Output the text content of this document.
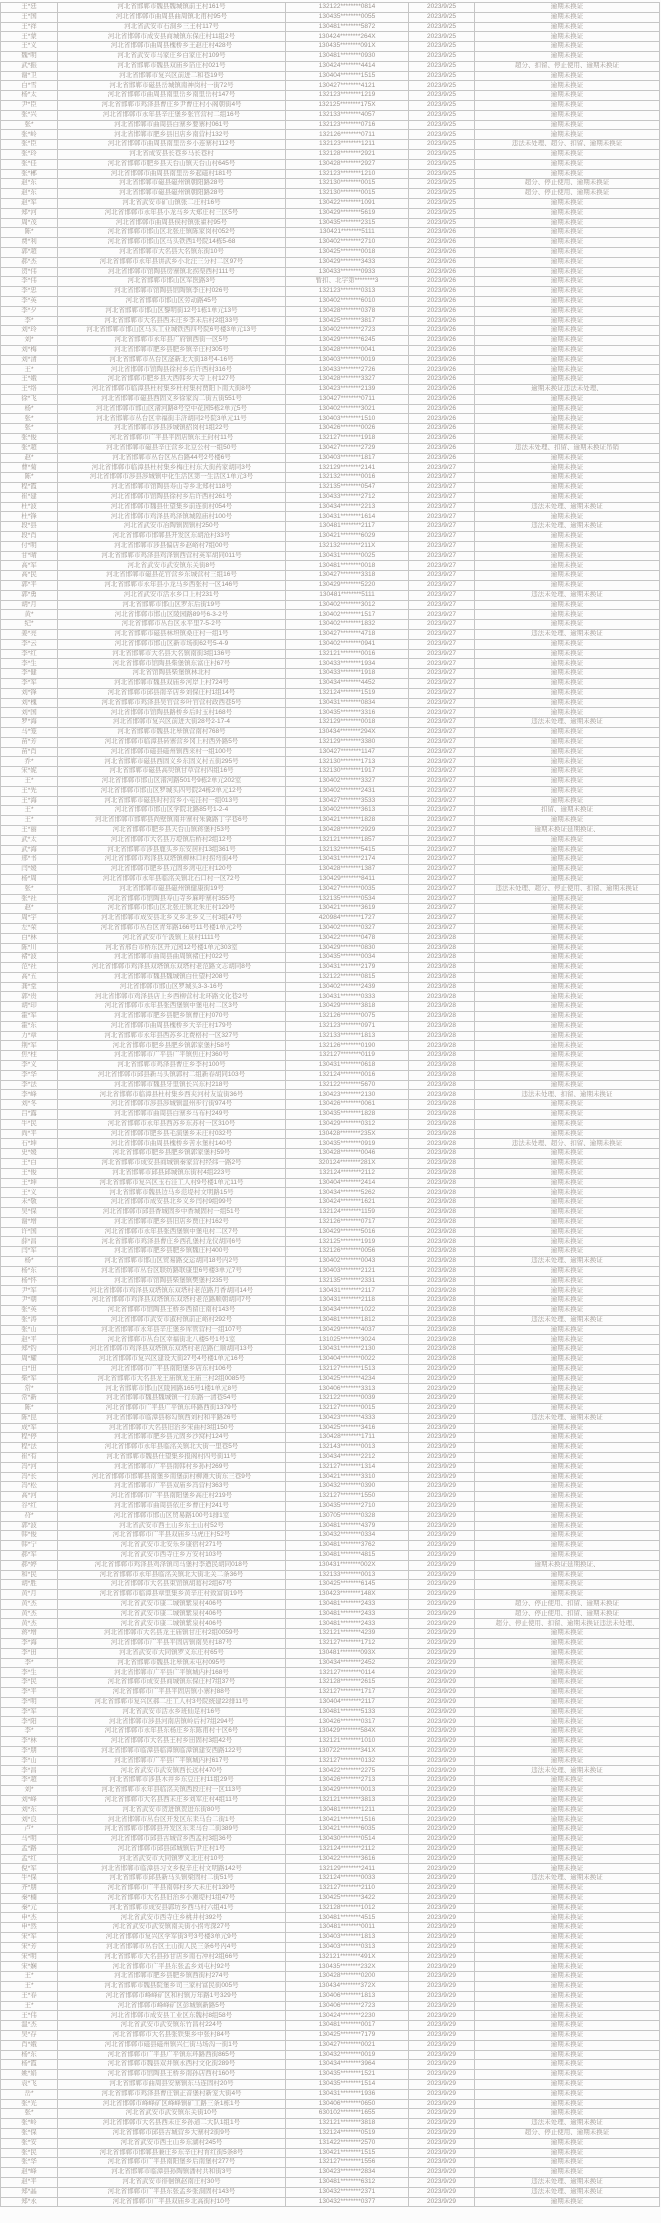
王*廷	河北省邯郸市魏县魏城镇前王村161号	132122********0814	2023/9/25	逾期未换证
王*国	河北省邯郸市曲周县曲周镇北甫村95号	130435********0055	2023/9/25	逾期未换证
王*祥	河北省武安市石洞乡三王村117号	130481********5872	2023/9/25	逾期未换证
王*蒙	河北省邯郸市成安县商城镇东保庄村11组2号	130424********264X	2023/9/25	逾期未换证
王*义	河北省邯郸市曲周县槐桥乡王赵庄村428号	130435********091X	2023/9/25	逾期未换证
魏*明	河北省武安市马家庄乡白家庄村109号	130481********0930	2023/9/25	逾期未换证
武*振	河北省邯郸市魏县双庙乡箔庄村021号	130424********4414	2023/9/25	超分、扣留、停止使用、逾期未换证
谢*卫	河北省邯郸市复兴区前进二和巷19号	130404********1515	2023/9/25	逾期未换证
白*雪	河北省邯郸市磁县岳城镇南神岗村一街72号	130427********4121	2023/9/25	逾期未换证
杨*太	河北省邯郸市曲周县南里岳乡南里岳村147号	132123********1219	2023/9/25	逾期未换证
尹*臣	河北省邯郸市鸡泽县曹庄乡尹曹庄村小阁朝街4号	132125********175X	2023/9/25	逾期未换证
张*兴	河北省邯郸市永年县辛庄堡乡张官营村二组16号	132133********4057	2023/9/25	逾期未换证
张*	河北省邯郸市曲周县白寨乡要寨村061号	132123********0716	2023/9/25	逾期未换证
张*岭	河北省邯郸市肥乡县旧店乡南营村132号	132126********0711	2023/9/25	逾期未换证
张*臣	河北省邯郸市曲周县南里岳乡小连寨村112号	132123********1211	2023/9/25	违法未处理、超分、扣留、逾期未换证
张*玲	河北省成安县长巷乡马长巷村	132128********2921	2023/9/25	逾期未换证
张*佳	河北省邯郸市肥乡县天台山镇天台山村645号	130428********2927	2023/9/25	逾期未换证
张*郴	河北省邯郸市曲周县南里岳乡起磁村181号	132123********1210	2023/9/25	逾期未换证
赵*东	河北省邯郸市磁县磁州镇朝阳路28号	132130********0015	2023/9/25	超分、停止使用、逾期未换证
赵*东	河北省邯郸市磁县磁州镇朝阳路28号	132130********0015	2023/9/25	超分、停止使用、逾期未换证
赵*军	河北省武安市矿山镇张二庄村16号	130422********1091	2023/9/25	逾期未换证
郑*河	河北省邯郸市永年县小龙马乡大郑庄村三区5号	130429********5619	2023/9/25	逾期未换证
周*茂	河北省邯郸市曲周县侯村镇张翟村95号	130435********2315	2023/9/25	逾期未换证
陈*	河北省邯郸市邯山区北张庄镇陈家岗村052号	130421********5111	2023/9/26	逾期未换证
费*利	河北省邯郸市邯山区马头铁西1号院14栋5-68	130402********2710	2023/9/26	逾期未换证
郭*超	河北省邯郸市大名县大名镇东街10号	130425********0018	2023/9/26	逾期未换证
郝*杰	河北省邯郸市永年县讲武乡小北汪三分村二区97号	130429********3433	2023/9/26	逾期未换证
贺*伟	河北省邯郸市馆陶县房寨镇北拐渠西村111号	130433********0933	2023/9/26	逾期未换证
李*伟	河北省邯郸市邯山区军医路3号	暂扣、北字第********3	2023/9/26	逾期未换证
李*忠	河北省邯郸市馆陶县馆陶镇李庄村026号	132123********0313	2023/9/26	逾期未换证
李*英	河北省邯郸市邯山区劳动路45号	130402********6010	2023/9/26	逾期未换证
李*夕	河北省邯郸市邯山区黎明街12号1栋1单元13号	130428********0378	2023/9/26	逾期未换证
李*	河北省邯郸市大名县西未庄乡李未后村2组33号	130425********3817	2023/9/26	逾期未换证
刘*玲	河北省邯郸市邯山区马头工业城铁西四号院6号楼3单元13号	130402********2723	2023/9/26	逾期未换证
刘*	河北省邯郸市永年县广府镇西街一区5号	130429********6245	2023/9/26	逾期未换证
刘*梅	河北省邯郸市肥乡县肥乡镇辛庄村305号	130428********0041	2023/9/26	逾期未换证
刘*清	河北省邯郸市丛台区滏新北大街18号4-16号	130403********0019	2023/9/26	逾期未换证
王*	河北省邯郸市馆陶县徐村乡后许西村316号	130433********2726	2023/9/26	逾期未换证
王*娥	河北省邯郸市肥乡县大西韩乡大寺上村127号	130428********3327	2023/9/26	逾期未换证
王*络	河北省邯郸市临漳县杜村集乡杜村集村贾阳卜南大街8号	130423********2139	2023/9/26	逾期未换证违法未处理、
徐*飞	河北省邯郸市磁县西固义乡徐家沟二街五街551号	130427********0711	2023/9/26	逾期未换证
杨*	河北省邯郸市邯山区渚河路8号空中花园5栋2单元5号	130402********3021	2023/9/26	逾期未换证
张*	河北省邯郸市丛台区幸福街丰济胡同2号院3单元11号	130403********1510	2023/9/26	逾期未换证
张*	河北省邯郸市涉县涉城镇招岗村1组22号	130426********0026	2023/9/26	逾期未换证
张*俊	河北省邯郸市广平县平固店镇东王封村11号	132127********1918	2023/9/26	逾期未换证
张*超	河北省邯郸市磁县辛庄营乡北豆公村一组50号	130427********2729	2023/9/26	违法未处理、扣留、逾期未换证吊销
赵*	河北省邯郸市丛台区丛台路44号2号楼6号	130403********1817	2023/9/26	逾期未换证
曹*菊	河北省邯郸市临漳县杜村集乡梅庄村东大街药家胡同3号	132129********2141	2023/9/27	逾期未换证
陈*	河北省邯郸市涉县涉城镇中化生活区第一生活区1单元3号	132132********0016	2023/9/27	逾期未换证
程*霞	河北省邯郸市馆陶县寿山寺乡北郑村118号	132135********0547	2023/9/27	逾期未换证
崔*建	河北省邯郸市馆陶县徐村乡后许西村261号	130433********2712	2023/9/27	逾期未换证
杜*波	河北省邯郸市魏县仕望集乡前连街村054号	130434********2213	2023/9/27	违法未处理、逾期未换证
杜*锋	河北省邯郸市鸡泽县鸡泽镇城隍庙村100号	130431********1614	2023/9/27	逾期未换证
段*县	河北省武安市冶陶镇固镇村250号	130481********2117	2023/9/27	违法未处理、逾期未换证
段*肖	河北省邯郸市邯郸县开发区东胡沧村33号	130421********6029	2023/9/27	逾期未换证
付*明	河北省邯郸市涉县偏店乡赵峪村7组00号	132132********211X	2023/9/27	逾期未换证
甘*晴	河北省邯郸市鸡泽县鸡泽镇西营村英军胡同011号	130431********0025	2023/9/27	逾期未换证
高*军	河北省武安市武安镇东关街8号	130481********0018	2023/9/27	逾期未换证
高*民	河北省邯郸市磁县花官营乡东城营村三组16号	130427********3318	2023/9/27	逾期未换证
郭*平	河北省邯郸市永年县小龙马乡西张村一区146号	130429********5220	2023/9/27	逾期未换证
郭*勇	河北省武安市活水乡口上村231号	130481********5111	2023/9/27	违法未处理、逾期未换证
胡*月	河北省邯郸市邯山区罗东后街19号	130402********3012	2023/9/27	逾期未换证
黄*	河北省邯郸市邯山区陵园路89号6-3-2号	130402********1517	2023/9/27	逾期未换证
纪*	河北省邯郸市丛台区永平里7-5-2号	130402********1832	2023/9/27	逾期未换证
姜*亮	河北省邯郸市磁县林坦镇桑庄村一组1号	130427********4718	2023/9/27	违法未处理、逾期未换证
李*云	河北省邯郸市邯山区新市场街62号5-4-9	130402********0941	2023/9/27	逾期未换证
李*红	河北省邯郸市大名县大名镇南街3组136号	132121********0016	2023/9/27	逾期未换证
李*生	河北省邯郸市馆陶县柴堡镇东富庄村67号	130433********1934	2023/9/27	逾期未换证
李*健	河北省馆陶县柴堡镇林北村	130433********1918	2023/9/27	逾期未换证
李*军	河北省邯郸市魏县双庙乡河岸上村724号	130434********4452	2023/9/27	逾期未换证
刘*锋	河北省邯郸市邱县南辛店乡刘保庄村1组14号	132124********1519	2023/9/27	逾期未换证
刘*槐	河北省邯郸市鸡泽县吴官营乡叶官营村政西巷5号	130431********0834	2023/9/27	逾期未换证
刘*国	河北省邯郸市馆陶县路桥乡后时玉村168号	130435********3316	2023/9/27	逾期未换证
罗*海	河北省邯郸市复兴区前进大街28号2-17-4	132129********0018	2023/9/27	违法未处理、逾期未换证
马*笼	河北省邯郸市魏县北皋镇营南村768号	130434********294X	2023/9/27	逾期未换证
苗*芳	河北省邯郸市临漳县砖寨营乡冈上村西外路5号	132129********3380	2023/9/27	逾期未换证
苗*肖	河北省邯郸市磁县磁州镇西来村一组100号	130427********1147	2023/9/27	逾期未换证
乔*	河北省邯郸市磁县西固义乡东固义村五街295号	132130********1713	2023/9/27	逾期未换证
宋*妮	河北省邯郸市磁县高臾镇甘草营村四组16号	132130********1917	2023/9/27	逾期未换证
王*	河北省邯郸市邯山区渚河路501号9栋2单元202室	130402********3327	2023/9/27	逾期未换证
王*先	河北省邯郸市邯山区罗城头四号院24栋2单元12号	130402********2431	2023/9/27	逾期未换证
王*海	河北省邯郸市磁县时村营乡小屯洼村一组013号	130427********3533	2023/9/27	逾期未换证
王*	河北省邯郸市邯山区学院北路85号1-2-4	130402********3613	2023/9/27	扣留、逾期未换证
王*	河北省邯郸市邯郸县尚壁镇南井寨村朱冀路丁字巷6号	130421********1828	2023/9/27	逾期未换证
王*丽	河北省邯郸市肥乡县天台山镇蒋堡村53号	130428********2929	2023/9/27	逾期未换证延期换证、
武*太	河北省邯郸市大名县万堤镇后桥村2组12号	132121********1857	2023/9/27	逾期未换证
武*海	河北省邯郸市涉县鹿头乡东安居村13组361号	132132********5415	2023/9/27	逾期未换证
邢*书	河北省邯郸市鸡泽县双塔镇柳林口村拐弯街4号	130431********2174	2023/9/27	逾期未换证
闫*媛	河北省邯郸市肥乡县元固乡湾屯庄村120号	130428********1387	2023/9/27	逾期未换证
杨*周	河北省邯郸市永年县临洺关镇北石口村一区72号	130429********8411	2023/9/27	逾期未换证
张*	河北省邯郸市磁县磁州镇健康街19号	130427********0035	2023/9/27	违法未处理、超分、停止使用、扣留、逾期未换证
张*社	河北省邯郸市馆陶县寿山寺乡麻呼寨村355号	132135********0534	2023/9/27	逾期未换证
赵*	河北省邯郸市邯山区北张庄镇北朱庄村129号	130421********3619	2023/9/27	逾期未换证
周*宇	河北省邯郸市成安县北乡义乡北乡义三村3组47号	420984********1727	2023/9/27	逾期未换证
左*荣	河北省邯郸市丛台区青年路166号11号楼1单元2号	130402********0327	2023/9/27	逾期未换证
白*林	河北省武安市午汲镇上泉村1111号	130422********0478	2023/9/28	逾期未换证
陈*川	河北省邢台市桥东区开元园12号楼1单元303室	130429********0830	2023/9/28	逾期未换证
褚*波	河北省邯郸市曲周县曲周镇褚庄村022号	130435********0034	2023/9/28	逾期未换证
范*社	河北省邯郸市鸡泽县双塔镇东双塔村老范路文志胡同8号	130431********2179	2023/9/28	逾期未换证
高*五	河北省邯郸市魏县魏城镇白仕望村208号	132122********0815	2023/9/28	逾期未换证
龚*堂	河北省邯郸市邯山区罗城头3-3-16号	130402********2439	2023/9/28	逾期未换证
郭*贵	河北省邯郸市鸡泽县店上乡西柳营村北环路文化巷2号	130431********0333	2023/9/28	逾期未换证
胡*印	河北省邯郸市永年县张西堡镇中堡电村二区3号	130429********3818	2023/9/28	逾期未换证
霍*军	河北省邯郸市肥乡县肥乡镇曹庄村070号	132126********0075	2023/9/28	逾期未换证
霍*东	河北省邯郸市曲周县槐桥乡大辛庄村179号	132123********0971	2023/9/28	逾期未换证
力*章	河北省邯郸市永年县西苏乡北费格村一区327号	132133********1813	2023/9/28	逾期未换证
荆*军	河北省邯郸市肥乡县肥乡镇郭家堡村58号	132126********0190	2023/9/28	逾期未换证
焦*柱	河北省邯郸市广平县广平镇焦庄村360号	132127********0119	2023/9/28	逾期未换证
李*义	河北省邯郸市鸡泽县曹庄乡李村100号	130431********0618	2023/9/28	逾期未换证
李*华	河北省邯郸市邱县新马头镇郭村二组新春胡同103号	132124********0016	2023/9/28	逾期未换证
李*法	河北省邯郸市魏县牙里镇长兴东村218号	132122********5670	2023/9/28	逾期未换证
李*峰	河北省邯郸市临漳县杜村集乡西夹河村友谊街36号	130423********2130	2023/9/28	违法未处理、扣留、逾期未换证
刘*冬	河北省邯郸市涉县涉城镇温州步行街974号	130426********0061	2023/9/28	逾期未换证
吕*露	河北省邯郸市曲周县白寨乡马布村249号	130435********1828	2023/9/28	逾期未换证
牛*民	河北省邯郸市永年县西苏乡东苏村一区310号	130429********0312	2023/9/28	逾期未换证
尚*平	河北省邯郸市肥乡县毛演堡乡未庄村032号	130428********235X	2023/9/28	逾期未换证
石*坤	河北省邯郸市曲周县槐桥乡苦水堡村140号	130435********0919	2023/9/28	违法未处理、超分、扣留、逾期未换证
史*媛	河北省邯郸市肥乡县肥乡镇郭家堡村59号	130428********0046	2023/9/28	逾期未换证
王*白	河北省邯郸市成安县商城镇秦家营村经纬一路2号	320124********281X	2023/9/28	逾期未换证
王*俊	河北省邯郸市邱县邱城镇东街村4组223号	132124********2112	2023/9/28	逾期未换证
王*坤	河北省邯郸市复兴区玉石洼工人村9号楼1单元11号	130404********2414	2023/9/28	逾期未换证
王*义	河北省邯郸市魏县边马乡范堤村文明路15号	130434********5262	2023/9/28	逾期未换证
未*敬	河北省邯郸市成安县北乡义乡闫村9组99号	130424********1621	2023/9/28	逾期未换证
吴*保	河北省邯郸市邱县香城固乡中香城固村一组51号	132124********1159	2023/9/28	逾期未换证
谢*增	河北省邯郸市肥乡县旧店乡贾庄村162号	132126********0717	2023/9/28	逾期未换证
许*国	河北省邯郸市永年县张西堡镇中堡电村二区7号	130429********5016	2023/9/28	逾期未换证
薛*昌	河北省邯郸市鸡泽县曹庄乡西孔堡村龙仪胡同6号	132125********1919	2023/9/28	逾期未换证
闫*军	河北省邯郸市肥乡县肥乡镇魏庄村400号	132126********0056	2023/9/28	逾期未换证
杨*	河北省邯郸市邯山区贸易路交运胡同18号内2号	130402********0043	2023/9/28	违法未处理、逾期未换证
杨*东	河北省邯郸市丛台区联纺路联康里6号楼3单元7号	130403********2121	2023/9/28	逾期未换证
杨*怀	河北省邯郸市馆陶县柴堡镇樊堡村235号	132135********2331	2023/9/28	逾期未换证
尹*军	河北省邯郸市鸡泽县双塔镇东双塔村老范路月香胡同14号	130431********2117	2023/9/28	逾期未换证
尹*朝	河北省邯郸市鸡泽县双塔镇东双塔村老范路顺朝胡同7号	130431********2118	2023/9/28	逾期未换证
张*英	河北省邯郸市馆陶县王桥乡西留庄南村143号	130434********1022	2023/9/28	逾期未换证
张*涛	河北省邯郸市武安市淑村镇前正峪村292号	130481********1812	2023/9/28	违法未处理、逾期未换证
张*山	河北省邯郸市永年县辛庄堡乡库管营村一组107号	130429********4037	2023/9/28	逾期未换证
赵*平	河北省邯郸市丛台区幸福街北八楼5号1号1室	131025********3024	2023/9/28	逾期未换证
郑*钓	河北省邯郸市鸡泽县双塔镇东双塔村老范路仁顺胡同13号	130431********2130	2023/9/28	逾期未换证
周*耀	河北省邯郸市复兴区建设大街27号4号楼1单元16号	130404********0022	2023/9/28	逾期未换证
白*田	河北省邯郸市广平县南阳堡乡店东村106号	132127********1513	2023/9/29	逾期未换证
柴*军	河北省邯郸市大名县龙王庙镇龙王庙三村2组0085号	130425********4234	2023/9/29	逾期未换证
常*	河北省邯郸市邯山区陵园路165号1楼1单元8号	130406********3313	2023/9/29	逾期未换证
常*新	河北省邯郸市魏县魏城镇一行东路一清巷54号	132122********0039	2023/9/29	逾期未换证
陈*	河北省邯郸市广平县广平镇东环路西街1379号	132127********0015	2023/9/29	逾期未换证
陈*昆	河北省邯郸市临漳县称勾镇西刘村和平路26号	130423********4333	2023/9/29	违法未处理、逾期未换证
成*军	河北省邯郸市大名县旧治乡宋曲村3组150号	130425********3416	2023/9/29	逾期未换证
程*停	河北省邯郸市肥乡县元固乡沙窝村124号	130428********1711	2023/9/29	逾期未换证
程*法	河北省邯郸市永年县临洺关镇北大街一里巷5号	132143********0013	2023/9/29	逾期未换证
崔*有	河北省邯郸市魏县仕望集乡报阁村四号街11号	130434********2212	2023/9/29	逾期未换证
冯*河	河北省邯郸市广平县南韩村乡孙村269号	132127********1314	2023/9/29	逾期未换证
冯*长	河北省邯郸市邯郸县南堡乡南堡前村柳滩大街东三巷9号	130421********3310	2023/9/29	逾期未换证
冯*松	河北省邯郸市广平县双庙乡冯营村363号	130432********0390	2023/9/29	逾期未换证
高*河	河北省邯郸市广平县南阳堡乡高庄村219号	132127********1550	2023/9/29	逾期未换证
谷*红	河北省邯郸市曲周县依庄乡曹庄村241号	130435********2710	2023/9/29	逾期未换证
苻*	河北省邯郸市邯山区贸易路100号1排1室	130705********0328	2023/9/29	逾期未换证
郭*波	河北省武安市西土山乡东土山村52号	130481********4379	2023/9/29	逾期未换证
韩*俊	河北省邯郸市广平县双庙乡马虎庄村52号	130432********0334	2023/9/29	逾期未换证
韩*宁	河北省武安市北安乐乡康宿村271号	130481********3762	2023/9/29	逾期未换证
郝*军	河北省武安市西寺庄乡万安村103号	130481********4815	2023/9/29	逾期未换证
郝*婷	河北省邯郸市鸡泽县鸡泽镇司马堡村李迺民胡同018号	130431********002X	2023/9/29	逾期未换证延期换证、
和*民	河北省邯郸市永年县临洺关镇北大街北关二条36号	132133********0013	2023/9/29	逾期未换证
胡*胜	河北省邯郸市大名县束馆镇胡葛村2组67号	130425********6145	2023/9/29	逾期未换证
黄*月	河北省邯郸市临漳县章里集乡黄辛庄村致富街19号	130423********148X	2023/9/29	逾期未换证
黄*杰	河北省武安市康二城镇紫泉村406号	130481********2433	2023/9/29	超分、停止使用、扣留、逾期未换证
黄*杰	河北省武安市康二城镇紫泉村406号	130481********2433	2023/9/29	超分、停止使用、扣留、逾期未换证
黄*杰	河北省武安市康二城镇紫泉村406号	130481********2433	2023/9/29	超分、停止使用、扣留、逾期未换证违法未处理、
蒋*增	河北省邯郸市大名县龙王庙镇甘庄村2组0059号	132121********4239	2023/9/29	逾期未换证
李*海	河北省邯郸市广平县平固店镇南吴村187号	132127********1712	2023/9/29	逾期未换证
李*田	河北省武安市大同镇罗义东庄村65号	130481********093X	2023/9/29	逾期未换证
李*	河北省邯郸市魏县北皋镇未屯村095号	130434********2452	2023/9/29	逾期未换证
李*生	河北省邯郸市广平县广平镇城内村168号	132127********0114	2023/9/29	逾期未换证
李*民	河北省邯郸市成安县商城镇东保庄村7组37号	132128********2615	2023/9/29	逾期未换证
李*平	河北省邯郸市广平县平固店镇小寨村88号	132127********1717	2023/9/29	逾期未换证
李*明	河北省邯郸市复兴区郝二庄工人村3号院统建22排11号	130404********2117	2023/9/29	逾期未换证
李*军	河北省武安市活水乡班仙足村16号	130481********5133	2023/9/29	逾期未换证
李*阳	河北省邯郸市涉县河南店镇岭后村7组294号	130426********0317	2023/9/29	逾期未换证
李*	河北省邯郸市永年县东杨庄乡东陈甫村十区6号	130429********584X	2023/9/29	逾期未换证
李*林	河北省邯郸市大名县王村乡田固村3组42号	132121********1010	2023/9/29	逾期未换证
李*朋	河北省邯郸市临漳县临漳镇临漳镇建安西路122号	130722********341X	2023/9/29	逾期未换证
李*山	河北省邯郸市广平县广平镇城内村617号	132127********0132	2023/9/29	逾期未换证
李*昌	河北省武安市武安镇西长远村470号	130422********2275	2023/9/29	违法未处理、逾期未换证
李*超	河北省邯郸市涉县木井乡东豆庄村11组29号	130426********2713	2023/9/29	逾期未换证
刘*	河北省邯郸市永年县临洺关镇西段庄村一区113号	130429********0013	2023/9/29	逾期未换证
刘*峰	河北省邯郸市大名县西未庄乡刘军庄村4组11号	132121********3813	2023/9/29	逾期未换证
刘*东	河北省武安市贺进镇贺进东街80号	130481********1211	2023/9/29	逾期未换证
刘*良	河北省邯郸市丛台区开发区东耒马台二街1号	130421********1516	2023/9/29	逾期未换证
卢*	河北省邯郸市邯郸县开发区东耒马台二街389号	130421********6035	2023/9/29	逾期未换证
马*明	河北省邯郸市邱县古城营乡西孟村3组36号	130430********0514	2023/9/29	逾期未换证
孟*路	河北省邯郸市邱县邱城镇后尹庄村1号	132124********2112	2023/9/29	逾期未换证
孟*红	河北省武安市大同镇罗义北庄村10号	130422********3616	2023/9/29	逾期未换证
倪*军	河北省邯郸市临漳县习文乡倪辛庄村文明路142号	132129********2411	2023/9/29	逾期未换证
牛*保	河北省邯郸市邱县新马头镇梁固村二街51号	132124********0033	2023/9/29	违法未处理、逾期未换证
齐*朋	河北省邯郸市广平县南韩村乡大未庄村139号	132127********2110	2023/9/29	逾期未换证
秦*楠	河北省邯郸市大名县旧治乡小滩堤村1组47号	130425********3422	2023/9/29	逾期未换证
秦*元	河北省邯郸市成安县郭坊乡西马村六组41号	132128********1012	2023/9/29	逾期未换证
申*杰	河北省武安市西寺庄乡桃井村392号	130481********4515	2023/9/29	逾期未换证
申*然	河北省武安市武安镇南关街小拐弯深27号	130481********0011	2023/9/29	逾期未换证
宋*军	河北省邯郸市复兴区学军街3号3号楼3单元9号	130403********1813	2023/9/29	逾期未换证
宋*芳	河北省邯郸市丛台区土山街人民三条6号内4号	130403********0313	2023/9/29	逾期未换证
宋*明	河北省邯郸市大名县孙甘店乡南石冲村2组66号	132121********491X	2023/9/29	逾期未换证
宋*娴	河北省邯郸市广平县东张孟乡刘屯村92号	130435********232X	2023/9/29	逾期未换证
王*	河北省邯郸市肥乡县肥乡镇西街村274号	130428********0200	2023/9/29	逾期未换证
王*	河北省邯郸市魏县院堡乡司三家村富民街005号	130434********372X	2023/9/29	逾期未换证
王*春	河北省邯郸市峰峰矿区和村镇万年路1号329号	130406********1813	2023/9/29	逾期未换证
王*	河北省邯郸市峰峰矿区彭城镇新路5号	130406********2723	2023/9/29	逾期未换证
王*伟	河北省邯郸市成安县工业区东魏村8组58号	130424********2230	2023/9/29	逾期未换证
温*杰	河北省武安市武安镇东竹昌村224号	130481********0017	2023/9/29	逾期未换证
吴*存	河北省邯郸市大名县张铁集乡中张村84号	130425********7179	2023/9/29	逾期未换证
肖*娥	河北省邯郸市磁县磁州镇兴仁街马场沟一街1号	130427********0021	2023/9/29	逾期未换证
杨*东	河北省邯郸市广平县广平镇东环路西街865号	130432********0019	2023/9/29	逾期未换证
杨*霞	河北省邯郸市魏县双井镇永西村文化街289号	130434********3964	2023/9/29	逾期未换证
姚*娟	河北省邯郸市馆陶县王桥乡南孙店西村160号	130435********1521	2023/9/29	逾期未换证
袁*飞	河北省邯郸市曲周县安寨镇东马连固村20号	130435********1514	2023/9/29	逾期未换证
岳*	河北省邯郸市鸡泽县曹庄镇正音堡村新宠大街4号	130431********1936	2023/9/29	逾期未换证
张*光	河北省邯郸市峰峰矿区峰峰镇矿工路三条1栋1号	130406********0650	2023/9/29	逾期未换证
张*	河北省武安市武安镇东关街10号	630102********1655	2023/9/29	逾期未换证
张*岭	河北省邯郸市大名县西未庄乡孙道二大队1组1号	132121********3818	2023/9/29	违法未处理、逾期未换证
张*保	河北省邯郸市邱县古城营乡大寨村2街9号	132124********0519	2023/9/29	超分、停止使用、逾期未换证
张*安	河北省武安市西土山乡东湖村245号	131422********2570	2023/9/29	逾期未换证
张*民	河北省邯郸市邯郸县兼庄乡东辛庄村育红街5条8号	130421********1515	2023/9/29	逾期未换证
张*华	河北省邯郸市广平县南阳堡乡后南堡村277号	132127********1556	2023/9/29	逾期未换证
赵*峰	河北省邯郸市临漳县孙陶镇潘村共和街3号	130423********2834	2023/9/29	逾期未换证
赵*平	河北省武安市徘徊镇赵南庄村30号	130481********6312	2023/9/29	违法未处理、逾期未换证
郑*晶	河北省邯郸市广平县东张孟乡张洞固村143号	130432********2371	2023/9/29	违法未处理、逾期未换证
郑*永	河北省邯郸市广平县双庙乡北高街村10号	130432********0377	2023/9/29	逾期未换证
